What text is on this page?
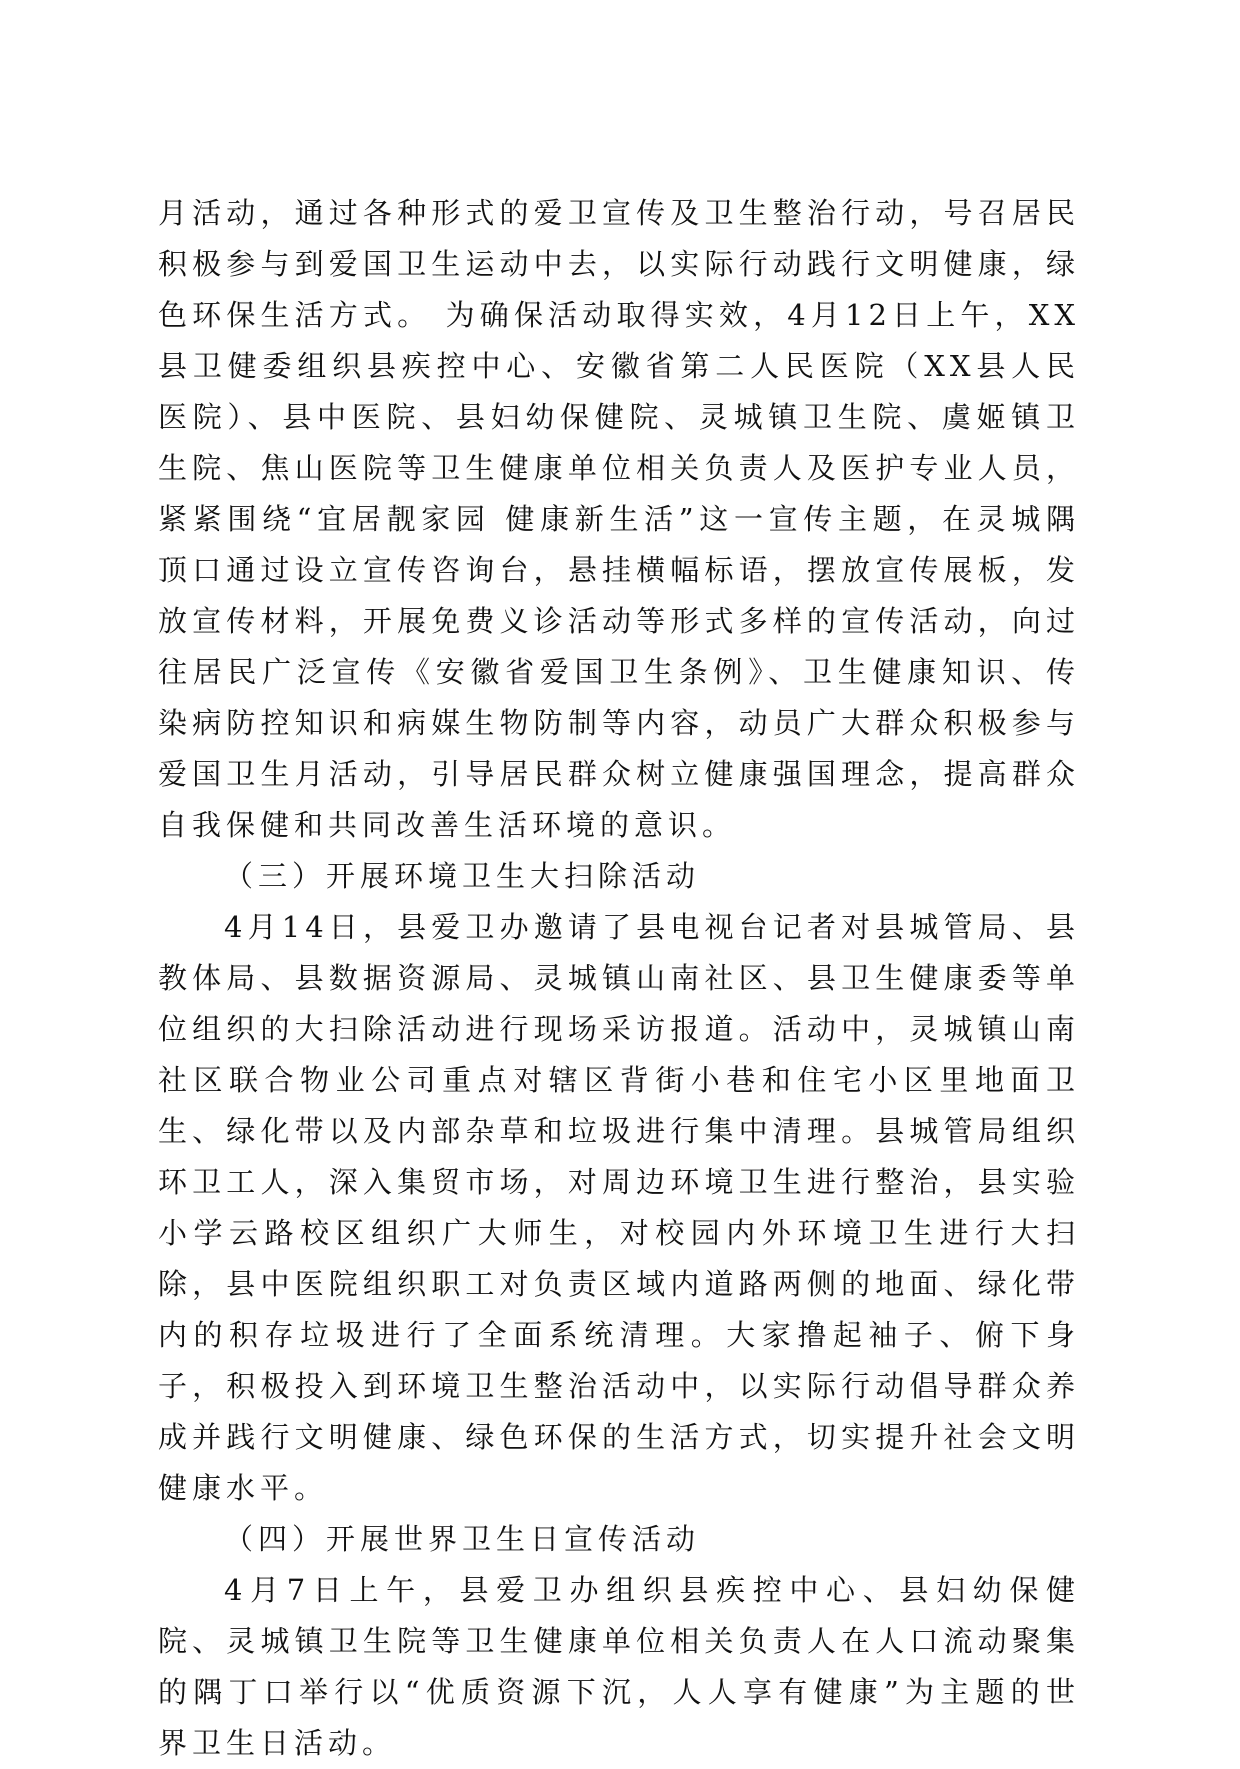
月活动，通过各种形式的爱卫宣传及卫生整治行动，号召居民积极参与到爱国卫生运动中去，以实际行动践行文明健康，绿色环保生活方式。 为确保活动取得实效，4月12日上午，XX县卫健委组织县疾控中心、安徽省第二人民医院（XX县人民医院）、县中医院、县妇幼保健院、灵城镇卫生院、虞姬镇卫生院、焦山医院等卫生健康单位相关负责人及医护专业人员，紧紧围绕“宜居靓家园 健康新生活”这一宣传主题，在灵城隅顶口通过设立宣传咨询台，悬挂横幅标语，摆放宣传展板，发放宣传材料，开展免费义诊活动等形式多样的宣传活动，向过往居民广泛宣传《安徽省爱国卫生条例》、卫生健康知识、传染病防控知识和病媒生物防制等内容，动员广大群众积极参与爱国卫生月活动，引导居民群众树立健康强国理念，提高群众自我保健和共同改善生活环境的意识。

（三）开展环境卫生大扫除活动

4月14日，县爱卫办邀请了县电视台记者对县城管局、县教体局、县数据资源局、灵城镇山南社区、县卫生健康委等单位组织的大扫除活动进行现场采访报道。活动中，灵城镇山南社区联合物业公司重点对辖区背街小巷和住宅小区里地面卫生、绿化带以及内部杂草和垃圾进行集中清理。县城管局组织环卫工人，深入集贸市场，对周边环境卫生进行整治，县实验小学云路校区组织广大师生，对校园内外环境卫生进行大扫除，县中医院组织职工对负责区域内道路两侧的地面、绿化带内的积存垃圾进行了全面系统清理。大家撸起袖子、俯下身子，积极投入到环境卫生整治活动中，以实际行动倡导群众养成并践行文明健康、绿色环保的生活方式，切实提升社会文明健康水平。

（四）开展世界卫生日宣传活动

4月7日上午，县爱卫办组织县疾控中心、县妇幼保健院、灵城镇卫生院等卫生健康单位相关负责人在人口流动聚集的隅丁口举行以“优质资源下沉，人人享有健康”为主题的世界卫生日活动。
